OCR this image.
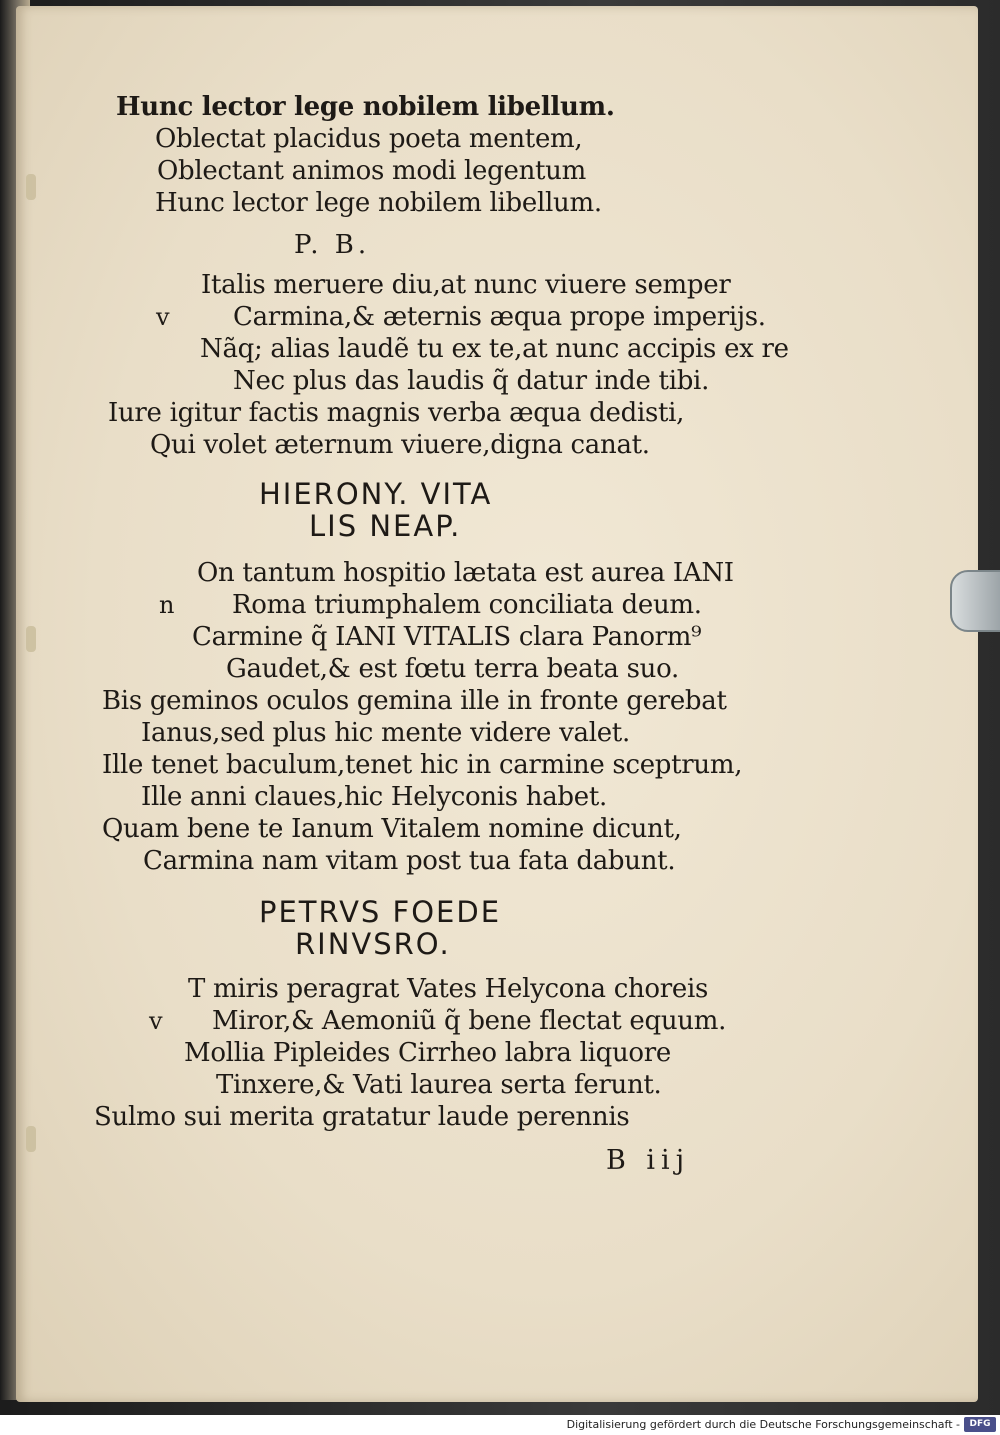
Hunc lector lege nobilem libellum.
Oblectat placidus poeta mentem,
Oblectant animos modi legentum
Hunc lector lege nobilem libellum.
P. B.
Italis meruere diu,at nunc viuere semper
v Carmina,& æternis æqua prope imperijs.
Nãq; alias laudẽ tu ex te,at nunc accipis ex re
Nec plus das laudis q̃ datur inde tibi.
Iure igitur factis magnis verba æqua dedisti,
Qui volet æternum viuere,digna canat.
HIERONY. VITA
LIS NEAP.
On tantum hospitio lætata est aurea IANI
n Roma triumphalem conciliata deum.
Carmine q̃ IANI VITALIS clara Panorm⁹
Gaudet,& est fœtu terra beata suo.
Bis geminos oculos gemina ille in fronte gerebat
Ianus,sed plus hic mente videre valet.
Ille tenet baculum,tenet hic in carmine sceptrum,
Ille anni claues,hic Helyconis habet.
Quam bene te Ianum Vitalem nomine dicunt,
Carmina nam vitam post tua fata dabunt.
PETRVS FOEDE
RINVSRO.
T miris peragrat Vates Helycona choreis
v Miror,& Aemoniũ q̃ bene flectat equum.
Mollia Pipleides Cirrheo labra liquore
Tinxere,& Vati laurea serta ferunt.
Sulmo sui merita gratatur laude perennis
B iij
Digitalisierung gefördert durch die Deutsche Forschungsgemeinschaft -	DFG
